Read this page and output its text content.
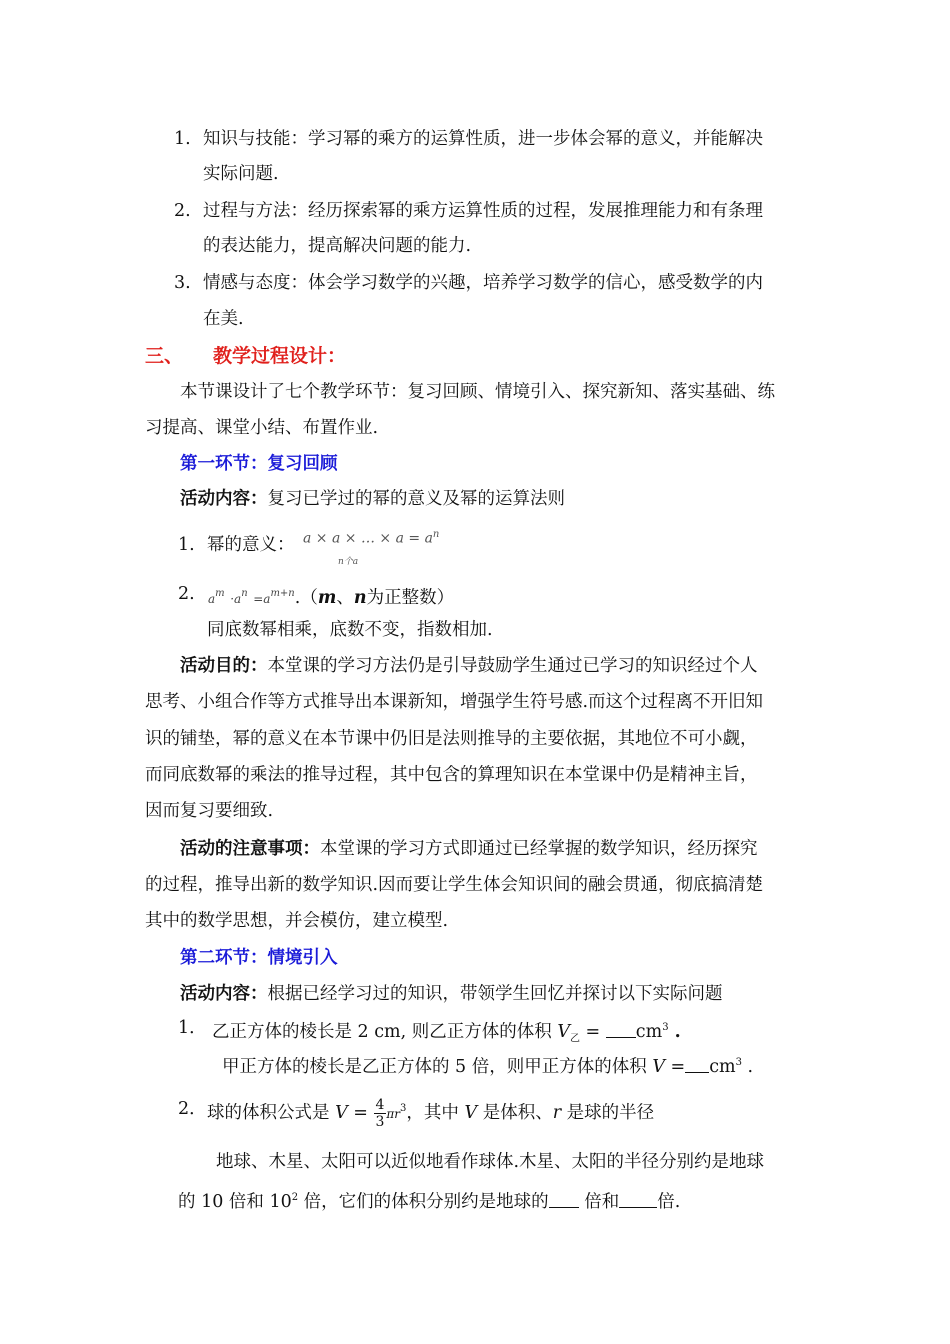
1. 知识与技能：学习幂的乘方的运算性质，进一步体会幂的意义，并能解决
实际问题.
2. 过程与方法：经历探索幂的乘方运算性质的过程，发展推理能力和有条理
的表达能力，提高解决问题的能力.
3. 情感与态度：体会学习数学的兴趣，培养学习数学的信心，感受数学的内
在美.
三、 教学过程设计：
本节课设计了七个教学环节：复习回顾、情境引入、探究新知、落实基础、练
习提高、课堂小结、布置作业.
第一环节：复习回顾
活动内容：复习已学过的幂的意义及幂的运算法则
1. 幂的意义： a × a × … × $a = a^n$
n个a
2. $a^m \cdot a^n =a^{m+n}.(m$、n为正整数）
同底数幂相乘，底数不变，指数相加.
活动目的：本堂课的学习方法仍是引导鼓励学生通过已学习的知识经过个人
思考、小组合作等方式推导出本课新知，增强学生符号感.而这个过程离不开旧知
识的铺垫，幂的意义在本节课中仍旧是法则推导的主要依据，其地位不可小觑，
而同底数幂的乘法的推导过程，其中包含的算理知识在本堂课中仍是精神主旨，
因而复习要细致.
活动的注意事项：本堂课的学习方式即通过已经掌握的数学知识，经历探究
的过程，推导出新的数学知识.因而要让学生体会知识间的融会贯通，彻底搞清楚
其中的数学思想，并会模仿，建立模型.
第二环节：情境引入
活动内容：根据已经学习过的知识，带领学生回忆并探讨以下实际问题
1． 乙正方体的棱长是 2 cm, 则乙正方体的体积 $V_乙 = cm^3$ .
甲正方体的棱长是乙正方体的 5 倍，则甲正方体的体积 $V = cm^3$ .
2． 球的体积公式是 $V = \frac{4}{3} \pi r^3$，其中 V 是体积、r 是球的半径
地球、木星、太阳可以近似地看作球体.木星、太阳的半径分别约是地球
的 10 倍和 $10^2$ 倍，它们的体积分别约是地球的 倍和 倍.
